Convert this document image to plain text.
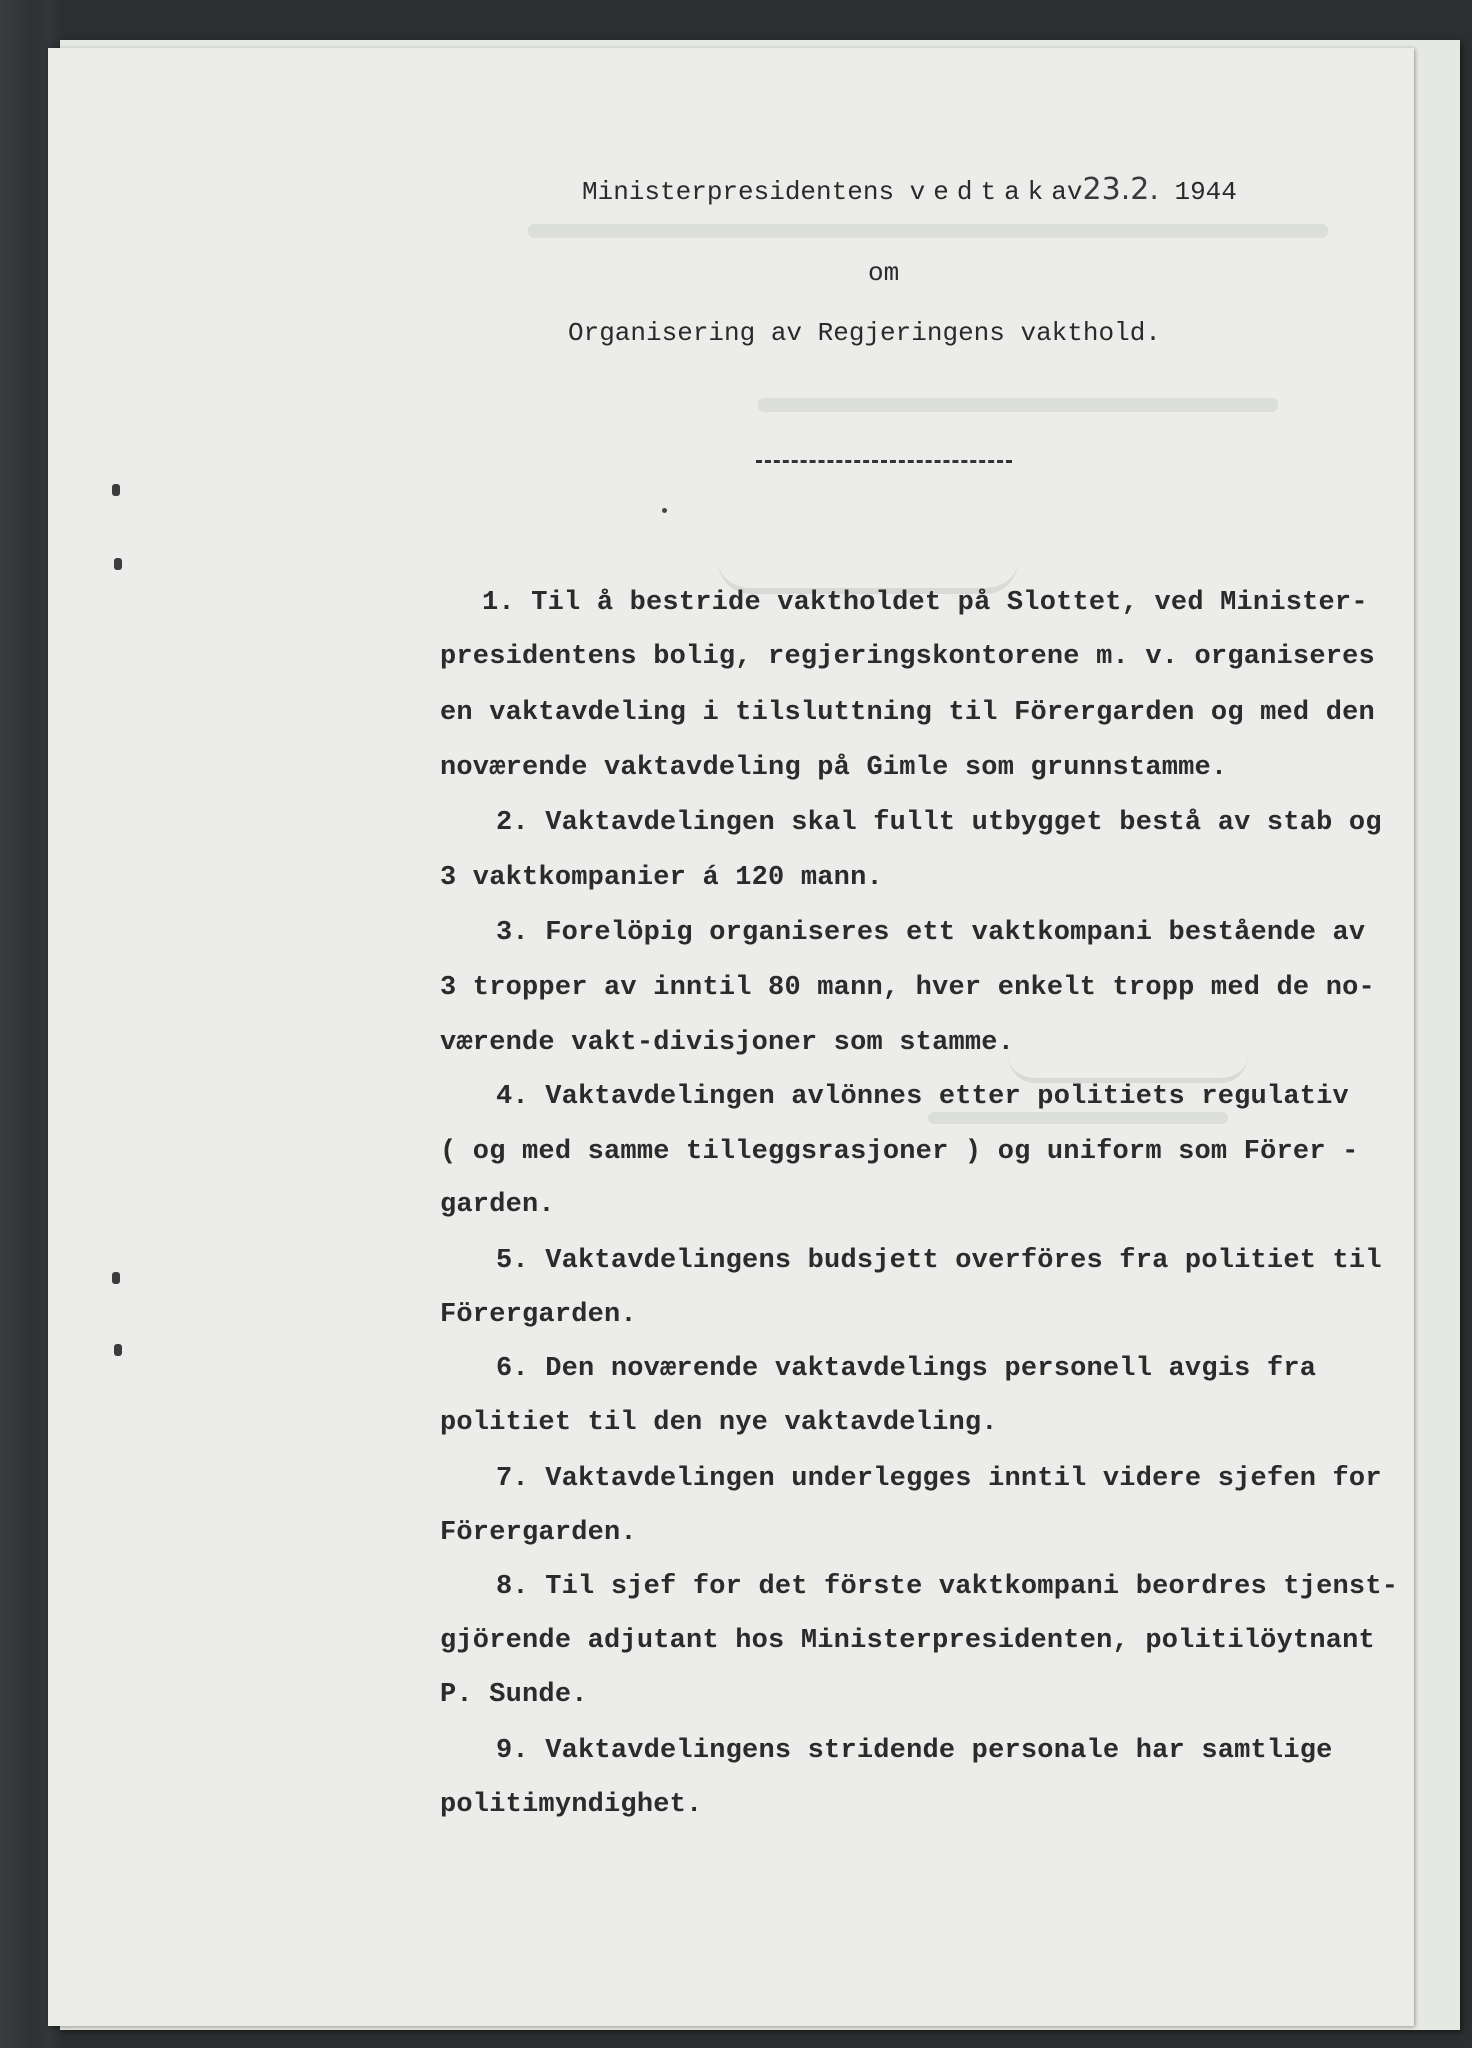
Ministerpresidentens vedtakav23.2. 1944
om
Organisering av Regjeringens vakthold.
1. Til å bestride vaktholdet på Slottet, ved Minister-
presidentens bolig, regjeringskontorene m. v. organiseres
en vaktavdeling i tilsluttning til Förergarden og med den
noværende vaktavdeling på Gimle som grunnstamme.
2. Vaktavdelingen skal fullt utbygget bestå av stab og
3 vaktkompanier á 120 mann.
3. Forelöpig organiseres ett vaktkompani bestående av
3 tropper av inntil 80 mann, hver enkelt tropp med de no-
værende vakt-divisjoner som stamme.
4. Vaktavdelingen avlönnes etter politiets regulativ
( og med samme tilleggsrasjoner ) og uniform som Förer -
garden.
5. Vaktavdelingens budsjett overföres fra politiet til
Förergarden.
6. Den noværende vaktavdelings personell avgis fra
politiet til den nye vaktavdeling.
7. Vaktavdelingen underlegges inntil videre sjefen for
Förergarden.
8. Til sjef for det förste vaktkompani beordres tjenst-
gjörende adjutant hos Ministerpresidenten, politilöytnant
P. Sunde.
9. Vaktavdelingens stridende personale har samtlige
politimyndighet.
